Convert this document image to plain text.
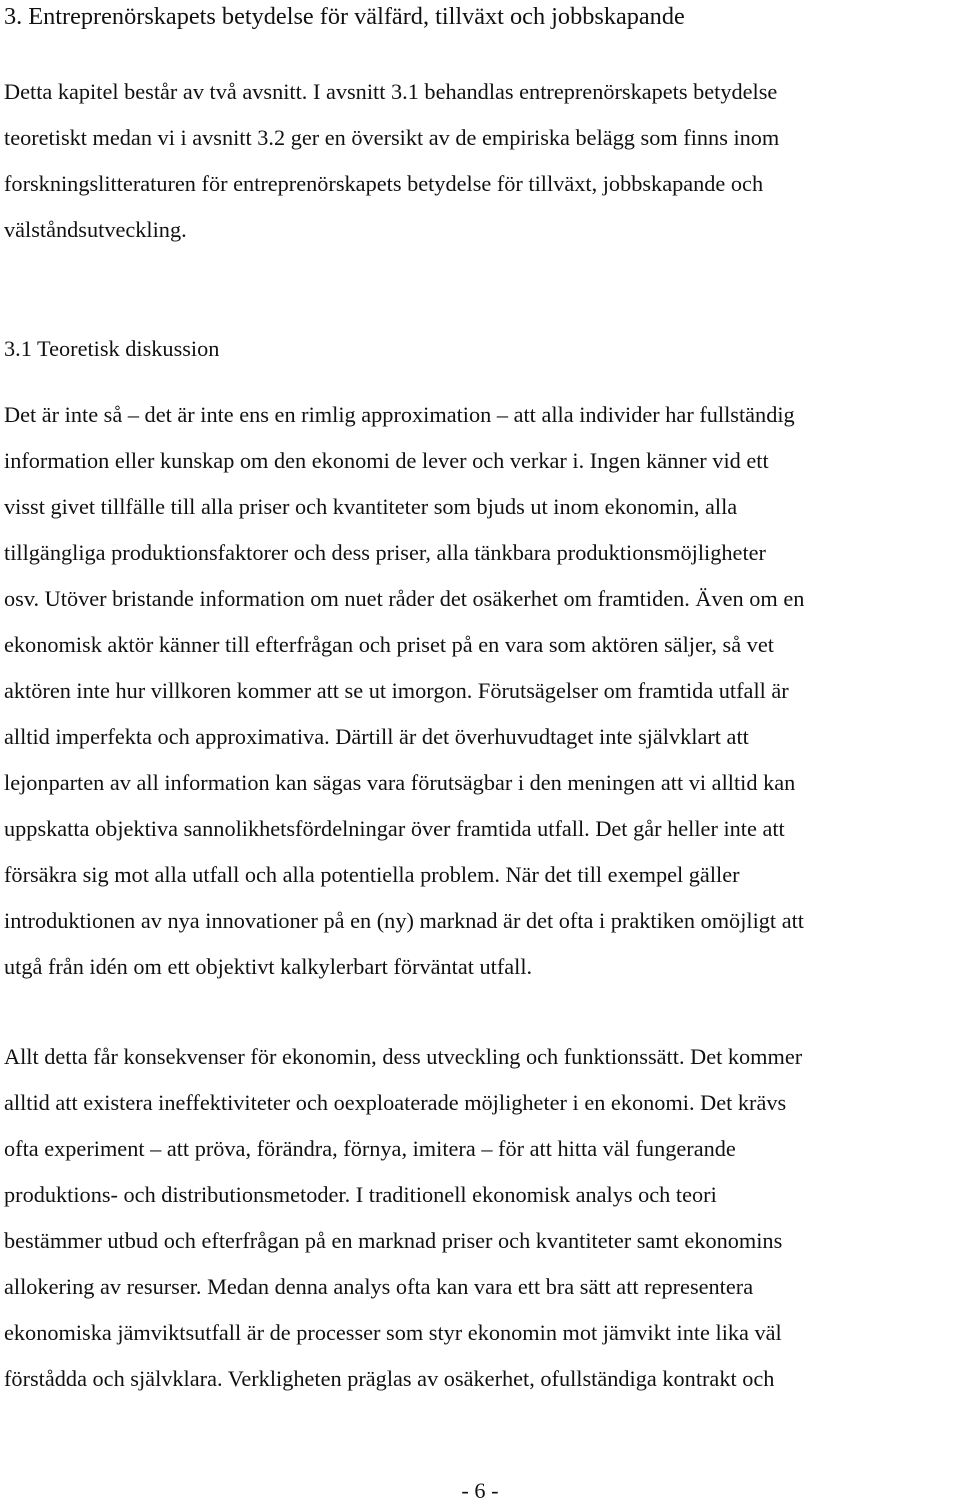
3. Entreprenörskapets betydelse för välfärd, tillväxt och jobbskapande
Detta kapitel består av två avsnitt. I avsnitt 3.1 behandlas entreprenörskapets betydelse
teoretiskt medan vi i avsnitt 3.2 ger en översikt av de empiriska belägg som finns inom
forskningslitteraturen för entreprenörskapets betydelse för tillväxt, jobbskapande och
välståndsutveckling.
3.1 Teoretisk diskussion
Det är inte så – det är inte ens en rimlig approximation – att alla individer har fullständig
information eller kunskap om den ekonomi de lever och verkar i. Ingen känner vid ett
visst givet tillfälle till alla priser och kvantiteter som bjuds ut inom ekonomin, alla
tillgängliga produktionsfaktorer och dess priser, alla tänkbara produktionsmöjligheter
osv. Utöver bristande information om nuet råder det osäkerhet om framtiden. Även om en
ekonomisk aktör känner till efterfrågan och priset på en vara som aktören säljer, så vet
aktören inte hur villkoren kommer att se ut imorgon. Förutsägelser om framtida utfall är
alltid imperfekta och approximativa. Därtill är det överhuvudtaget inte självklart att
lejonparten av all information kan sägas vara förutsägbar i den meningen att vi alltid kan
uppskatta objektiva sannolikhetsfördelningar över framtida utfall. Det går heller inte att
försäkra sig mot alla utfall och alla potentiella problem. När det till exempel gäller
introduktionen av nya innovationer på en (ny) marknad är det ofta i praktiken omöjligt att
utgå från idén om ett objektivt kalkylerbart förväntat utfall.
Allt detta får konsekvenser för ekonomin, dess utveckling och funktionssätt. Det kommer
alltid att existera ineffektiviteter och oexploaterade möjligheter i en ekonomi. Det krävs
ofta experiment – att pröva, förändra, förnya, imitera – för att hitta väl fungerande
produktions- och distributionsmetoder. I traditionell ekonomisk analys och teori
bestämmer utbud och efterfrågan på en marknad priser och kvantiteter samt ekonomins
allokering av resurser. Medan denna analys ofta kan vara ett bra sätt att representera
ekonomiska jämviktsutfall är de processer som styr ekonomin mot jämvikt inte lika väl
förstådda och självklara. Verkligheten präglas av osäkerhet, ofullständiga kontrakt och
- 6 -
